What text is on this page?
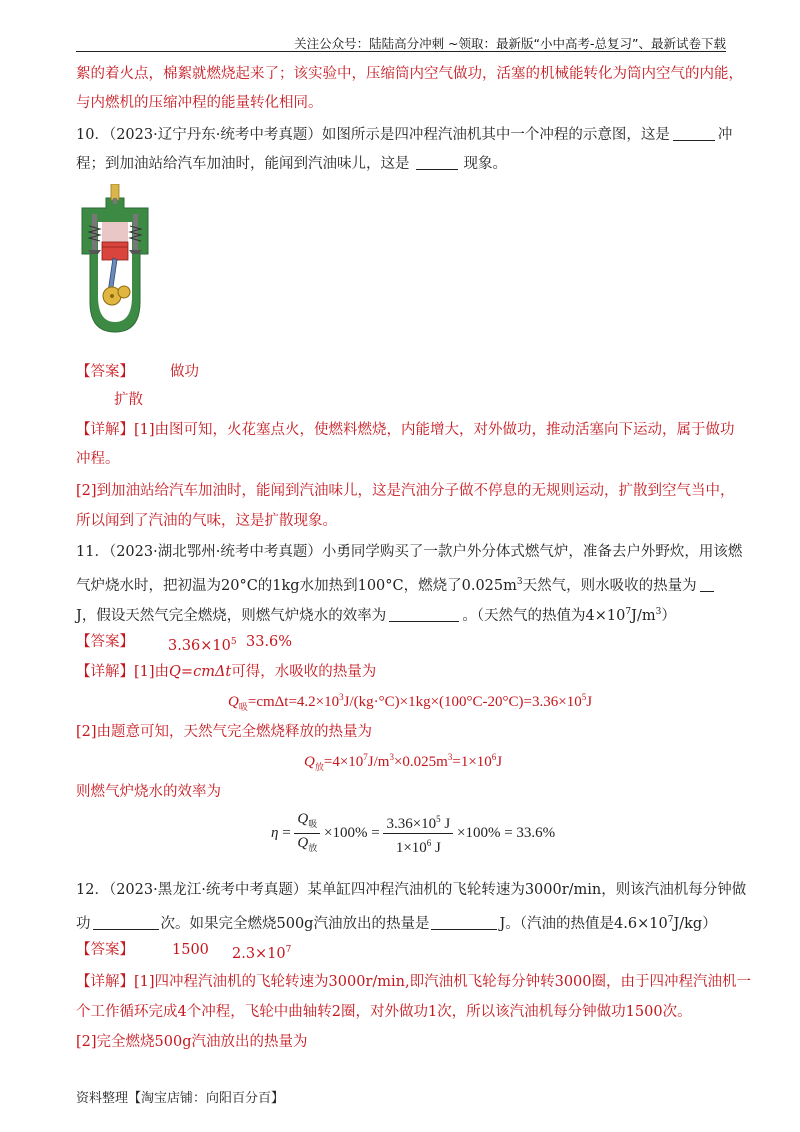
关注公众号：陆陆高分冲刺 ~领取：最新版“小中高考-总复习”、最新试卷下载
絮的着火点，棉絮就燃烧起来了；该实验中，压缩筒内空气做功，活塞的机械能转化为筒内空气的内能，
与内燃机的压缩冲程的能量转化相同。
10．（2023·辽宁丹东·统考中考真题）如图所示是四冲程汽油机其中一个冲程的示意图，这是	冲
程；到加油站给汽车加油时，能闻到汽油味儿，这是	现象。
【答案】 做功
扩散
【详解】[1]由图可知，火花塞点火，使燃料燃烧，内能增大，对外做功，推动活塞向下运动，属于做功
冲程。
[2]到加油站给汽车加油时，能闻到汽油味儿，这是汽油分子做不停息的无规则运动，扩散到空气当中，
所以闻到了汽油的气味，这是扩散现象。
11．（2023·湖北鄂州·统考中考真题）小勇同学购买了一款户外分体式燃气炉，准备去户外野炊，用该燃
气炉烧水时，把初温为20°C的1kg水加热到100°C，燃烧了$0.025m^3$天然气，则水吸收的热量为
J，假设天然气完全燃烧，则燃气炉烧水的效率为	。（天然气的热值为$4\times 10^7J/m^3$）
【答案】 $3.36\times 10^5$ 33.6%
【详解】[1]由Q=cmΔt可得，水吸收的热量为
$Q_吸=cm\Delta t=4.2\times 10^3J/(kg\cdot^\circ C)\times 1kg\times(100^\circ C-20^\circ C)=3.36\times 10^5J$
[2]由题意可知，天然气完全燃烧释放的热量为
$Q_放=4\times 10^7J/m^3\times 0.025m^3=1\times 10^6J$
则燃气炉烧水的效率为
$\eta = \frac{Q_吸}{Q_放} \times 100\% = \frac{3.36\times 10^5 J}{1\times 10^6 J} \times 100\% = 33.6\%$
12．（2023·黑龙江·统考中考真题）某单缸四冲程汽油机的飞轮转速为3000r/min，则该汽油机每分钟做
功	次。如果完全燃烧500g汽油放出的热量是	J。（汽油的热值是$4.6\times 10^7J/kg$）
【答案】	1500 $2.3\times 10^7$
【详解】[1]四冲程汽油机的飞轮转速为3000r/min,即汽油机飞轮每分钟转3000圈，由于四冲程汽油机一
个工作循环完成4个冲程，飞轮中曲轴转2圈，对外做功1次，所以该汽油机每分钟做功1500次。
[2]完全燃烧500g汽油放出的热量为
资料整理【淘宝店铺：向阳百分百】
